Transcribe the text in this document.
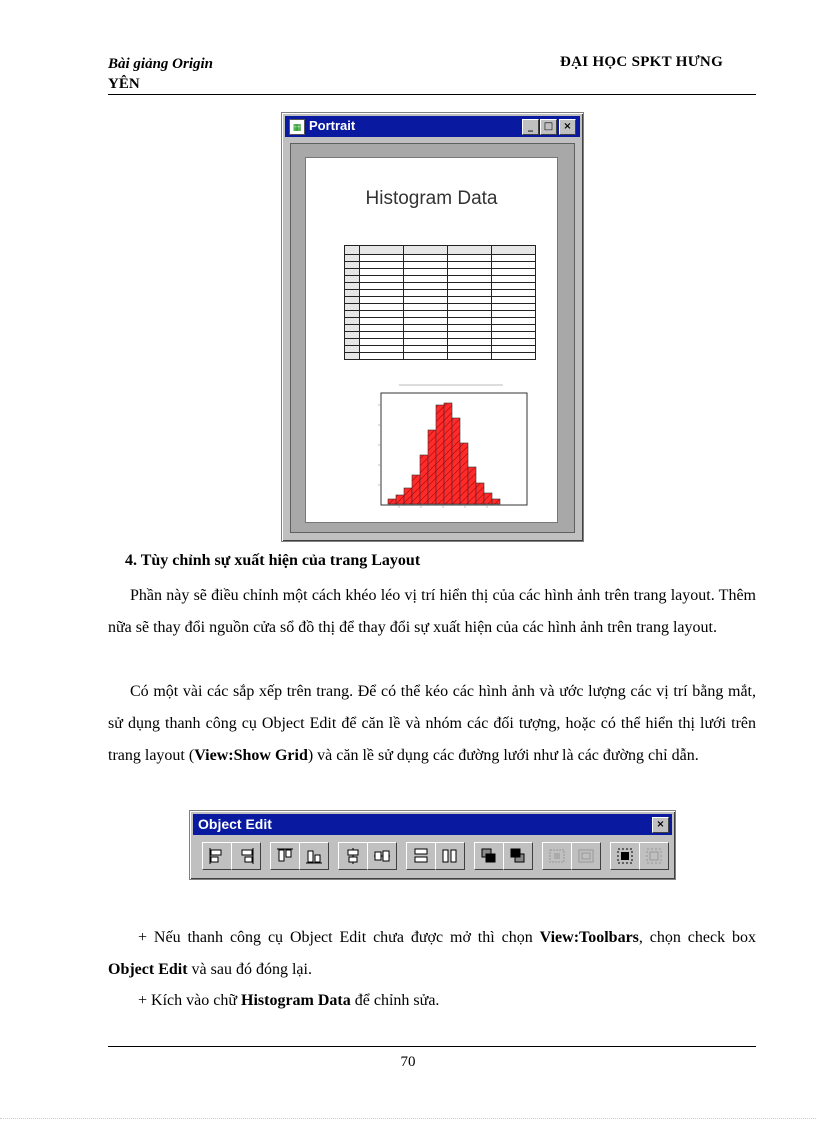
Bài giảng Origin
YÊN
ĐẠI HỌC SPKT HƯNG
▦ Portrait	_	□	×
Histogram Data

4. Tùy chỉnh sự xuất hiện của trang Layout
Phần này sẽ điều chỉnh một cách khéo léo vị trí hiển thị của các hình ảnh trên trang layout. Thêm nữa sẽ thay đổi nguồn cửa sổ đồ thị để thay đổi sự xuất hiện của các hình ảnh trên trang layout.
Có một vài các sắp xếp trên trang. Để có thể kéo các hình ảnh và ước lượng các vị trí bằng mắt, sử dụng thanh công cụ Object Edit để căn lề và nhóm các đối tượng, hoặc có thể hiển thị lưới trên trang layout (View:Show Grid) và căn lề sử dụng các đường lưới như là các đường chỉ dẫn.
Object Edit	×
+ Nếu thanh công cụ Object Edit chưa được mở thì chọn View:Toolbars, chọn check box Object Edit và sau đó đóng lại.
+ Kích vào chữ Histogram Data để chỉnh sửa.
70
